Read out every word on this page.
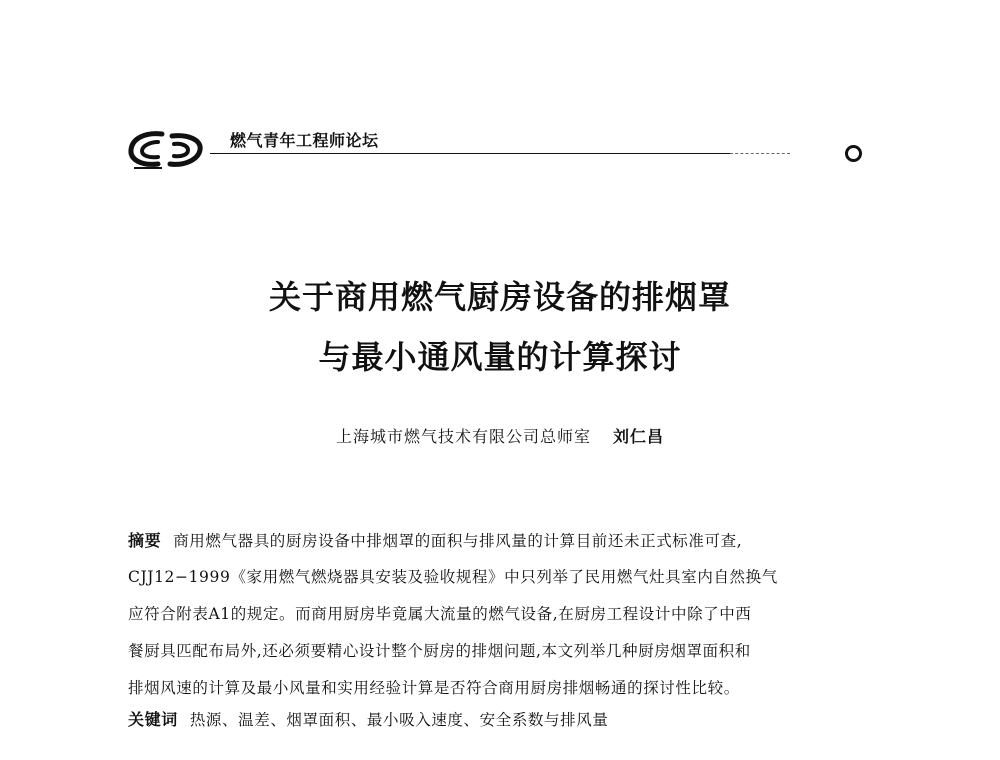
燃气青年工程师论坛
关于商用燃气厨房设备的排烟罩
与最小通风量的计算探讨
上海城市燃气技术有限公司总师室 刘仁昌
摘要 商用燃气器具的厨房设备中排烟罩的面积与排风量的计算目前还未正式标准可查,
CJJ12−1999《家用燃气燃烧器具安装及验收规程》中只列举了民用燃气灶具室内自然换气
应符合附表A1的规定。而商用厨房毕竟属大流量的燃气设备,在厨房工程设计中除了中西
餐厨具匹配布局外,还必须要精心设计整个厨房的排烟问题,本文列举几种厨房烟罩面积和
排烟风速的计算及最小风量和实用经验计算是否符合商用厨房排烟畅通的探讨性比较。
关键词 热源、温差、烟罩面积、最小吸入速度、安全系数与排风量
